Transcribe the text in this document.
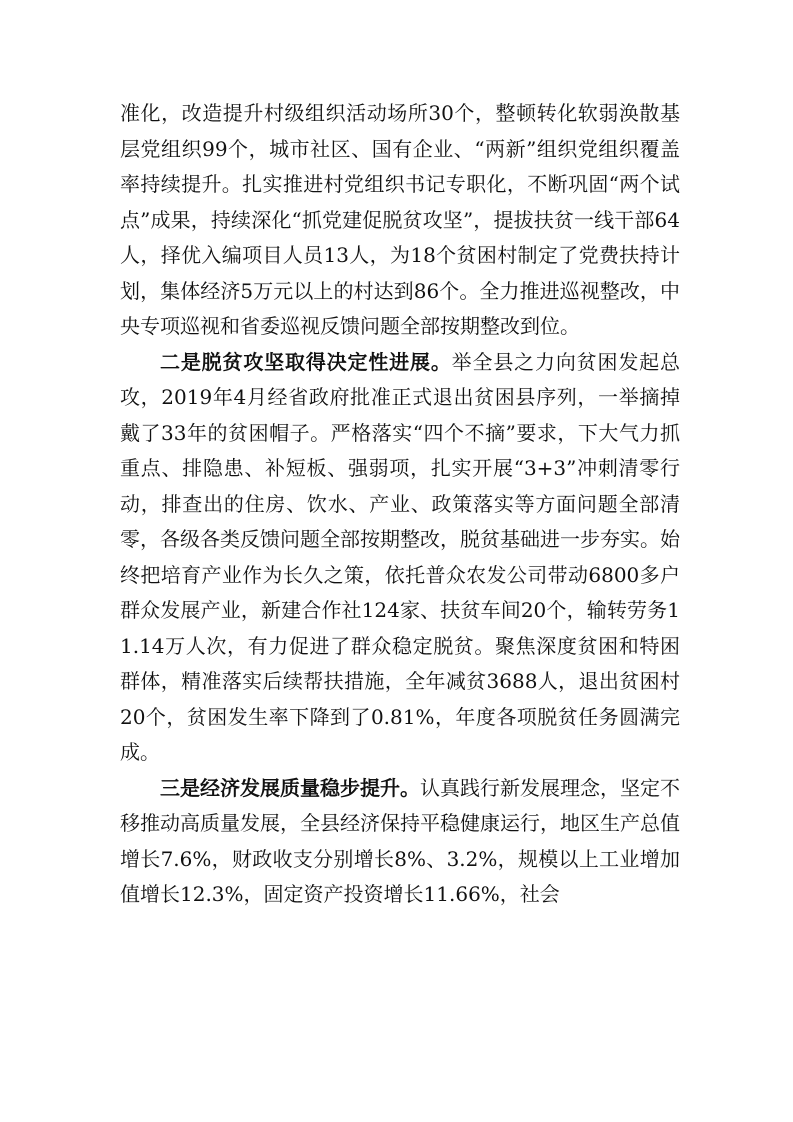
准化，改造提升村级组织活动场所30个，整顿转化软弱涣散基层党组织99个，城市社区、国有企业、“两新”组织党组织覆盖率持续提升。扎实推进村党组织书记专职化，不断巩固“两个试点”成果，持续深化“抓党建促脱贫攻坚”，提拔扶贫一线干部64人，择优入编项目人员13人，为18个贫困村制定了党费扶持计划，集体经济5万元以上的村达到86个。全力推进巡视整改，中央专项巡视和省委巡视反馈问题全部按期整改到位。

二是脱贫攻坚取得决定性进展。举全县之力向贫困发起总攻，2019年4月经省政府批准正式退出贫困县序列，一举摘掉戴了33年的贫困帽子。严格落实“四个不摘”要求，下大气力抓重点、排隐患、补短板、强弱项，扎实开展“3+3”冲刺清零行动，排查出的住房、饮水、产业、政策落实等方面问题全部清零，各级各类反馈问题全部按期整改，脱贫基础进一步夯实。始终把培育产业作为长久之策，依托普众农发公司带动6800多户群众发展产业，新建合作社124家、扶贫车间20个，输转劳务11.14万人次，有力促进了群众稳定脱贫。聚焦深度贫困和特困群体，精准落实后续帮扶措施，全年减贫3688人，退出贫困村20个，贫困发生率下降到了0.81%，年度各项脱贫任务圆满完成。

三是经济发展质量稳步提升。认真践行新发展理念，坚定不移推动高质量发展，全县经济保持平稳健康运行，地区生产总值增长7.6%，财政收支分别增长8%、3.2%，规模以上工业增加值增长12.3%，固定资产投资增长11.66%，社会
